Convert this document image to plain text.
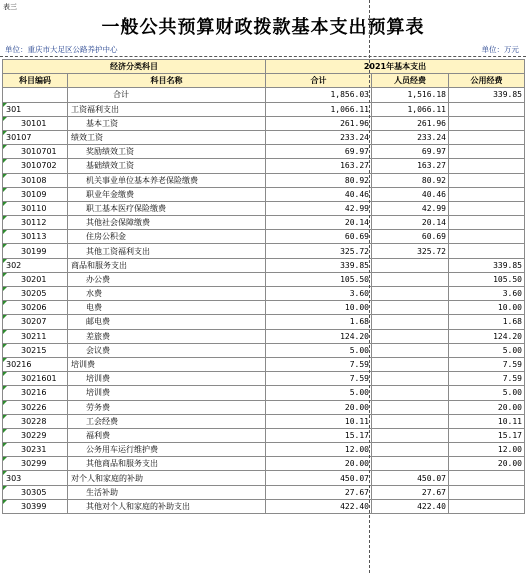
表三
一般公共预算财政拨款基本支出预算表
单位：重庆市大足区公路养护中心	单位：万元
经济分类科目		2021年基本支出		
科目编码	科目名称	合计	人员经费	公用经费
	合计	1,856.03	1,516.18	339.85
301	工资福利支出	1,066.11	1,066.11	
30101	基本工资	261.96	261.96	
30107	绩效工资	233.24	233.24	
3010701	奖励绩效工资	69.97	69.97	
3010702	基础绩效工资	163.27	163.27	
30108	机关事业单位基本养老保险缴费	80.92	80.92	
30109	职业年金缴费	40.46	40.46	
30110	职工基本医疗保险缴费	42.99	42.99	
30112	其他社会保障缴费	20.14	20.14	
30113	住房公积金	60.69	60.69	
30199	其他工资福利支出	325.72	325.72	
302	商品和服务支出	339.85		339.85
30201	办公费	105.50		105.50
30205	水费	3.60		3.60
30206	电费	10.00		10.00
30207	邮电费	1.68		1.68
30211	差旅费	124.20		124.20
30215	会议费	5.00		5.00
30216	培训费	7.59		7.59
3021601	培训费	7.59		7.59
30216	培训费	5.00		5.00
30226	劳务费	20.00		20.00
30228	工会经费	10.11		10.11
30229	福利费	15.17		15.17
30231	公务用车运行维护费	12.00		12.00
30299	其他商品和服务支出	20.00		20.00
303	对个人和家庭的补助	450.07	450.07	
30305	生活补助	27.67	27.67	
30399	其他对个人和家庭的补助支出	422.40	422.40	
